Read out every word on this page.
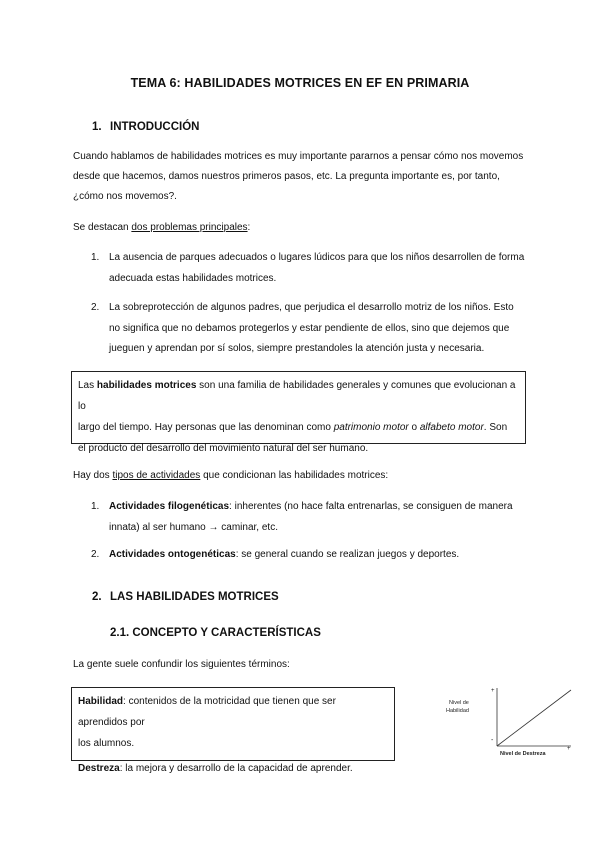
TEMA 6: HABILIDADES MOTRICES EN EF EN PRIMARIA
1. INTRODUCCIÓN
Cuando hablamos de habilidades motrices es muy importante pararnos a pensar cómo nos movemos
desde que hacemos, damos nuestros primeros pasos, etc. La pregunta importante es, por tanto,
¿cómo nos movemos?.
Se destacan dos problemas principales:
1. La ausencia de parques adecuados o lugares lúdicos para que los niños desarrollen de forma
adecuada estas habilidades motrices.
2. La sobreprotección de algunos padres, que perjudica el desarrollo motriz de los niños. Esto
no significa que no debamos protegerlos y estar pendiente de ellos, sino que dejemos que
jueguen y aprendan por sí solos, siempre prestandoles la atención justa y necesaria.
Las habilidades motrices son una familia de habilidades generales y comunes que evolucionan a lo
largo del tiempo. Hay personas que las denominan como patrimonio motor o alfabeto motor. Son
el producto del desarrollo del movimiento natural del ser humano.
Hay dos tipos de actividades que condicionan las habilidades motrices:
1. Actividades filogenéticas: inherentes (no hace falta entrenarlas, se consiguen de manera
innata) al ser humano → caminar, etc.
2. Actividades ontogenéticas: se general cuando se realizan juegos y deportes.
2. LAS HABILIDADES MOTRICES
2.1. CONCEPTO Y CARACTERÍSTICAS
La gente suele confundir los siguientes términos:
Habilidad: contenidos de la motricidad que tienen que ser aprendidos por
los alumnos.
Destreza: la mejora y desarrollo de la capacidad de aprender.
Nivel de
Habilidad
+
-
+
Nivel de Destreza
